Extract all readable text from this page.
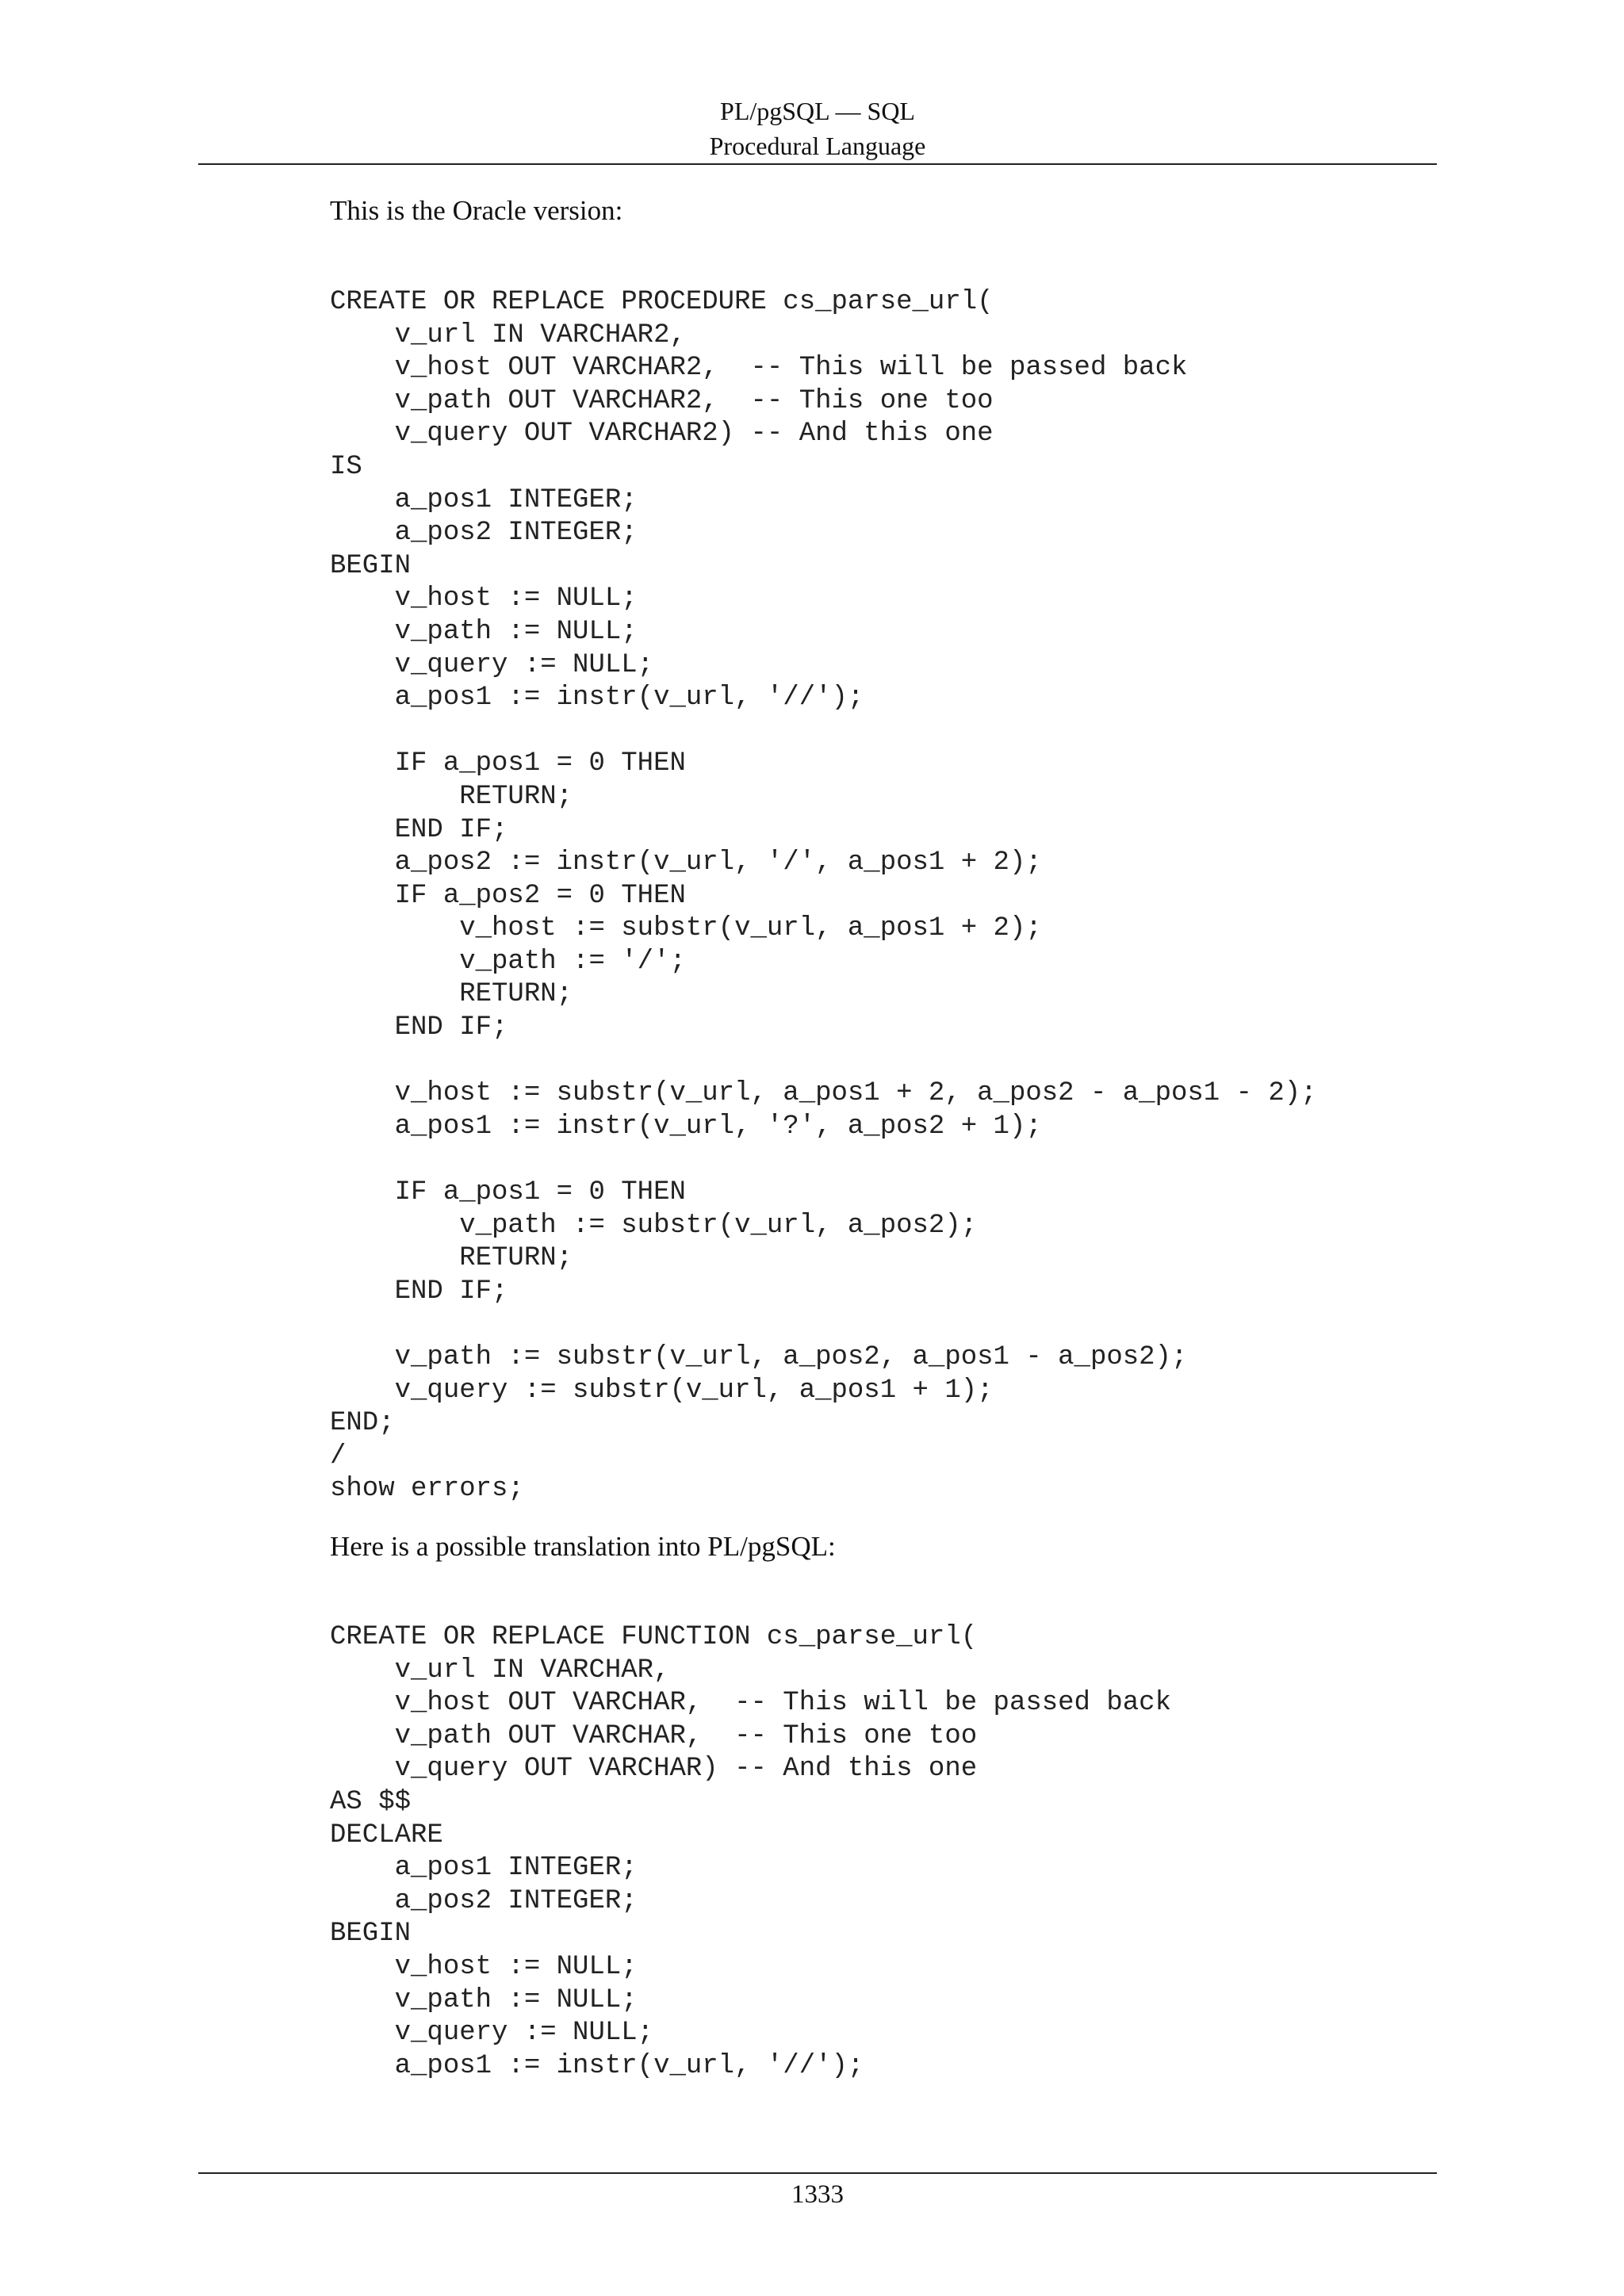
PL/pgSQL — SQL
Procedural Language

This is the Oracle version:

CREATE OR REPLACE PROCEDURE cs_parse_url(
v_url IN VARCHAR2,
v_host OUT VARCHAR2,  -- This will be passed back
v_path OUT VARCHAR2,  -- This one too
v_query OUT VARCHAR2) -- And this one
IS
a_pos1 INTEGER;
a_pos2 INTEGER;
BEGIN
v_host := NULL;
v_path := NULL;
v_query := NULL;
a_pos1 := instr(v_url, '//');
IF a_pos1 = 0 THEN
RETURN;
END IF;
a_pos2 := instr(v_url, '/', a_pos1 + 2);
IF a_pos2 = 0 THEN
v_host := substr(v_url, a_pos1 + 2);
v_path := '/';
RETURN;
END IF;
v_host := substr(v_url, a_pos1 + 2, a_pos2 - a_pos1 - 2);
a_pos1 := instr(v_url, '?', a_pos2 + 1);
IF a_pos1 = 0 THEN
v_path := substr(v_url, a_pos2);
RETURN;
END IF;
v_path := substr(v_url, a_pos2, a_pos1 - a_pos2);
v_query := substr(v_url, a_pos1 + 1);
END;
/
show errors;

Here is a possible translation into PL/pgSQL:

CREATE OR REPLACE FUNCTION cs_parse_url(
v_url IN VARCHAR,
v_host OUT VARCHAR,  -- This will be passed back
v_path OUT VARCHAR,  -- This one too
v_query OUT VARCHAR) -- And this one
AS $$
DECLARE
a_pos1 INTEGER;
a_pos2 INTEGER;
BEGIN
v_host := NULL;
v_path := NULL;
v_query := NULL;
a_pos1 := instr(v_url, '//');
1333
